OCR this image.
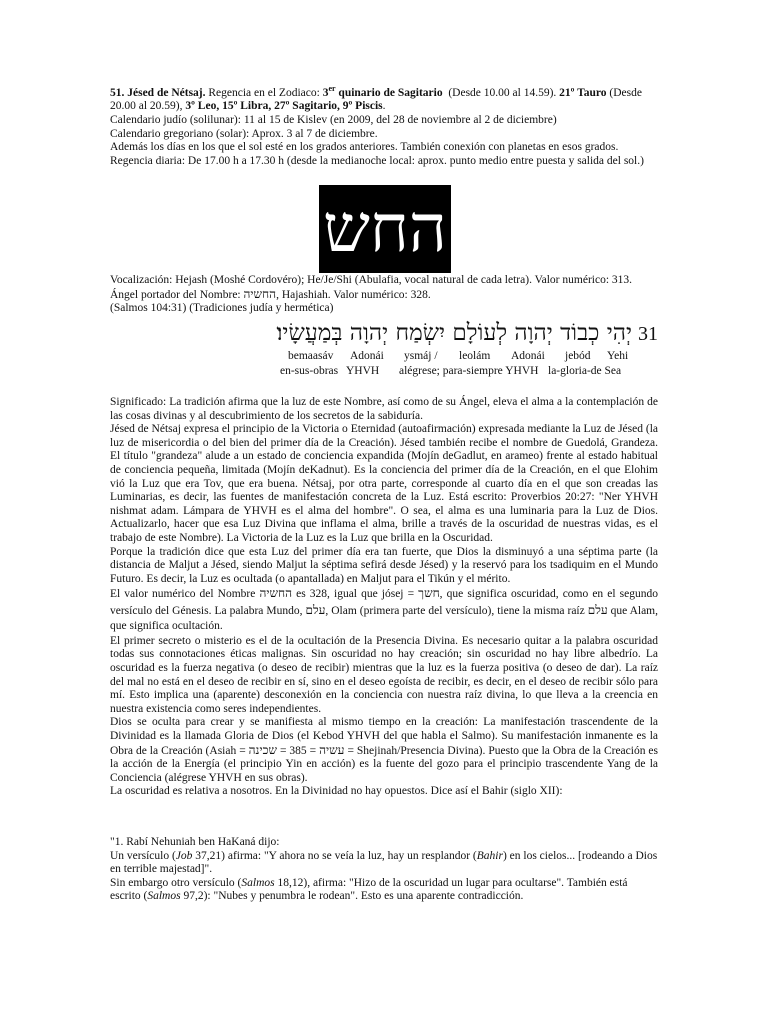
51. Jésed de Nétsaj. Regencia en el Zodiaco: 3er quinario de Sagitario (Desde 10.00 al 14.59). 21º Tauro (Desde 20.00 al 20.59), 3º Leo, 15º Libra, 27º Sagitario, 9º Piscis.
Calendario judío (solilunar): 11 al 15 de Kislev (en 2009, del 28 de noviembre al 2 de diciembre)
Calendario gregoriano (solar): Aprox. 3 al 7 de diciembre.
Además los días en los que el sol esté en los grados anteriores. También conexión con planetas en esos grados.
Regencia diaria: De 17.00 h a 17.30 h (desde la medianoche local: aprox. punto medio entre puesta y salida del sol.)
החש
Vocalización: Hejash (Moshé Cordovéro); He/Je/Shi (Abulafia, vocal natural de cada letra). Valor numérico: 313.
Ángel portador del Nombre: החשיה, Hajashiah. Valor numérico: 328.
(Salmos 104:31) (Tradiciones judía y hermética)
יְהִי כְבוֹד יְהוָה לְעוֹלָם יִשְׂמַח יְהוָה בְּמַעֲשָׂיו׃ 31
bemaasáv Adonái ysmáj / leolám Adonái jebód Yehi
en-sus-obras YHVH alégrese; para-siempre YHVH la-gloria-de Sea
Significado: La tradición afirma que la luz de este Nombre, así como de su Ángel, eleva el alma a la contemplación de las cosas divinas y al descubrimiento de los secretos de la sabiduría.
Jésed de Nétsaj expresa el principio de la Victoria o Eternidad (autoafirmación) expresada mediante la Luz de Jésed (la luz de misericordia o del bien del primer día de la Creación). Jésed también recibe el nombre de Guedolá, Grandeza. El título "grandeza" alude a un estado de conciencia expandida (Mojín deGadlut, en arameo) frente al estado habitual de conciencia pequeña, limitada (Mojín deKadnut). Es la conciencia del primer día de la Creación, en el que Elohim vió la Luz que era Tov, que era buena. Nétsaj, por otra parte, corresponde al cuarto día en el que son creadas las Luminarias, es decir, las fuentes de manifestación concreta de la Luz. Está escrito: Proverbios 20:27: "Ner YHVH nishmat adam. Lámpara de YHVH es el alma del hombre". O sea, el alma es una luminaria para la Luz de Dios. Actualizarlo, hacer que esa Luz Divina que inflama el alma, brille a través de la oscuridad de nuestras vidas, es el trabajo de este Nombre). La Victoria de la Luz es la Luz que brilla en la Oscuridad.
Porque la tradición dice que esta Luz del primer día era tan fuerte, que Dios la disminuyó a una séptima parte (la distancia de Maljut a Jésed, siendo Maljut la séptima sefirá desde Jésed) y la reservó para los tsadiquim en el Mundo Futuro. Es decir, la Luz es ocultada (o apantallada) en Maljut para el Tikún y el mérito.
El valor numérico del Nombre החשיה es 328, igual que jósej = חשך, que significa oscuridad, como en el segundo versículo del Génesis. La palabra Mundo, עלם, Olam (primera parte del versículo), tiene la misma raíz עלם que Alam, que significa ocultación.
El primer secreto o misterio es el de la ocultación de la Presencia Divina. Es necesario quitar a la palabra oscuridad todas sus connotaciones éticas malignas. Sin oscuridad no hay creación; sin oscuridad no hay libre albedrío. La oscuridad es la fuerza negativa (o deseo de recibir) mientras que la luz es la fuerza positiva (o deseo de dar). La raíz del mal no está en el deseo de recibir en sí, sino en el deseo egoísta de recibir, es decir, en el deseo de recibir sólo para mí. Esto implica una (aparente) desconexión en la conciencia con nuestra raíz divina, lo que lleva a la creencia en nuestra existencia como seres independientes.
Dios se oculta para crear y se manifiesta al mismo tiempo en la creación: La manifestación trascendente de la Divinidad es la llamada Gloria de Dios (el Kebod YHVH del que habla el Salmo). Su manifestación inmanente es la Obra de la Creación (Asiah =	עשיה = 385 = שכינה	= Shejinah/Presencia Divina). Puesto que la Obra de la Creación es la acción de la Energía (el principio Yin en acción) es la fuente del gozo para el principio trascendente Yang de la Conciencia (alégrese YHVH en sus obras).
La oscuridad es relativa a nosotros. En la Divinidad no hay opuestos. Dice así el Bahir (siglo XII):
"1. Rabí Nehuniah ben HaKaná dijo:
Un versículo (Job 37,21) afirma: "Y ahora no se veía la luz, hay un resplandor (Bahir) en los cielos... [rodeando a Dios en terrible majestad]".
Sin embargo otro versículo (Salmos 18,12), afirma: "Hizo de la oscuridad un lugar para ocultarse". También está escrito (Salmos 97,2): "Nubes y penumbra le rodean". Esto es una aparente contradicción.
